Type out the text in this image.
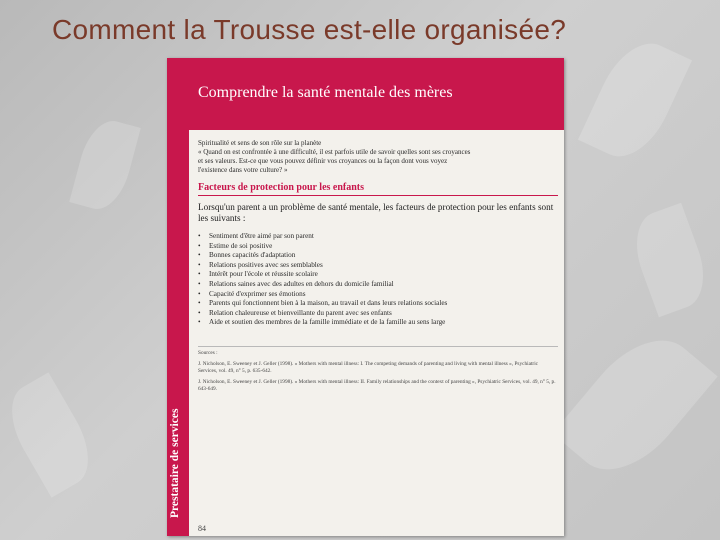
Comment la Trousse est-elle organisée?
Comprendre la santé mentale des mères
Prestataire de services
Spiritualité et sens de son rôle sur la planète
« Quand on est confrontée à une difficulté, il est parfois utile de savoir quelles sont ses croyances
et ses valeurs. Est-ce que vous pouvez définir vos croyances ou la façon dont vous voyez
l'existence dans votre culture? »
Facteurs de protection pour les enfants
Lorsqu'un parent a un problème de santé mentale, les facteurs de protection pour les enfants sont les suivants :
• Sentiment d'être aimé par son parent
• Estime de soi positive
• Bonnes capacités d'adaptation
• Relations positives avec ses semblables
• Intérêt pour l'école et réussite scolaire
• Relations saines avec des adultes en dehors du domicile familial
• Capacité d'exprimer ses émotions
• Parents qui fonctionnent bien à la maison, au travail et dans leurs relations sociales
• Relation chaleureuse et bienveillante du parent avec ses enfants
• Aide et soutien des membres de la famille immédiate et de la famille au sens large

Sources :

J. Nicholson, E. Sweeney et J. Geller (1998). « Mothers with mental illness: I. The competing demands of parenting and living with mental illness », Psychiatric Services, vol. 49, n° 5, p. 635-642.

J. Nicholson, E. Sweeney et J. Geller (1998). « Mothers with mental illness: II. Family relationships and the context of parenting », Psychiatric Services, vol. 49, n° 5, p. 643-649.

84
